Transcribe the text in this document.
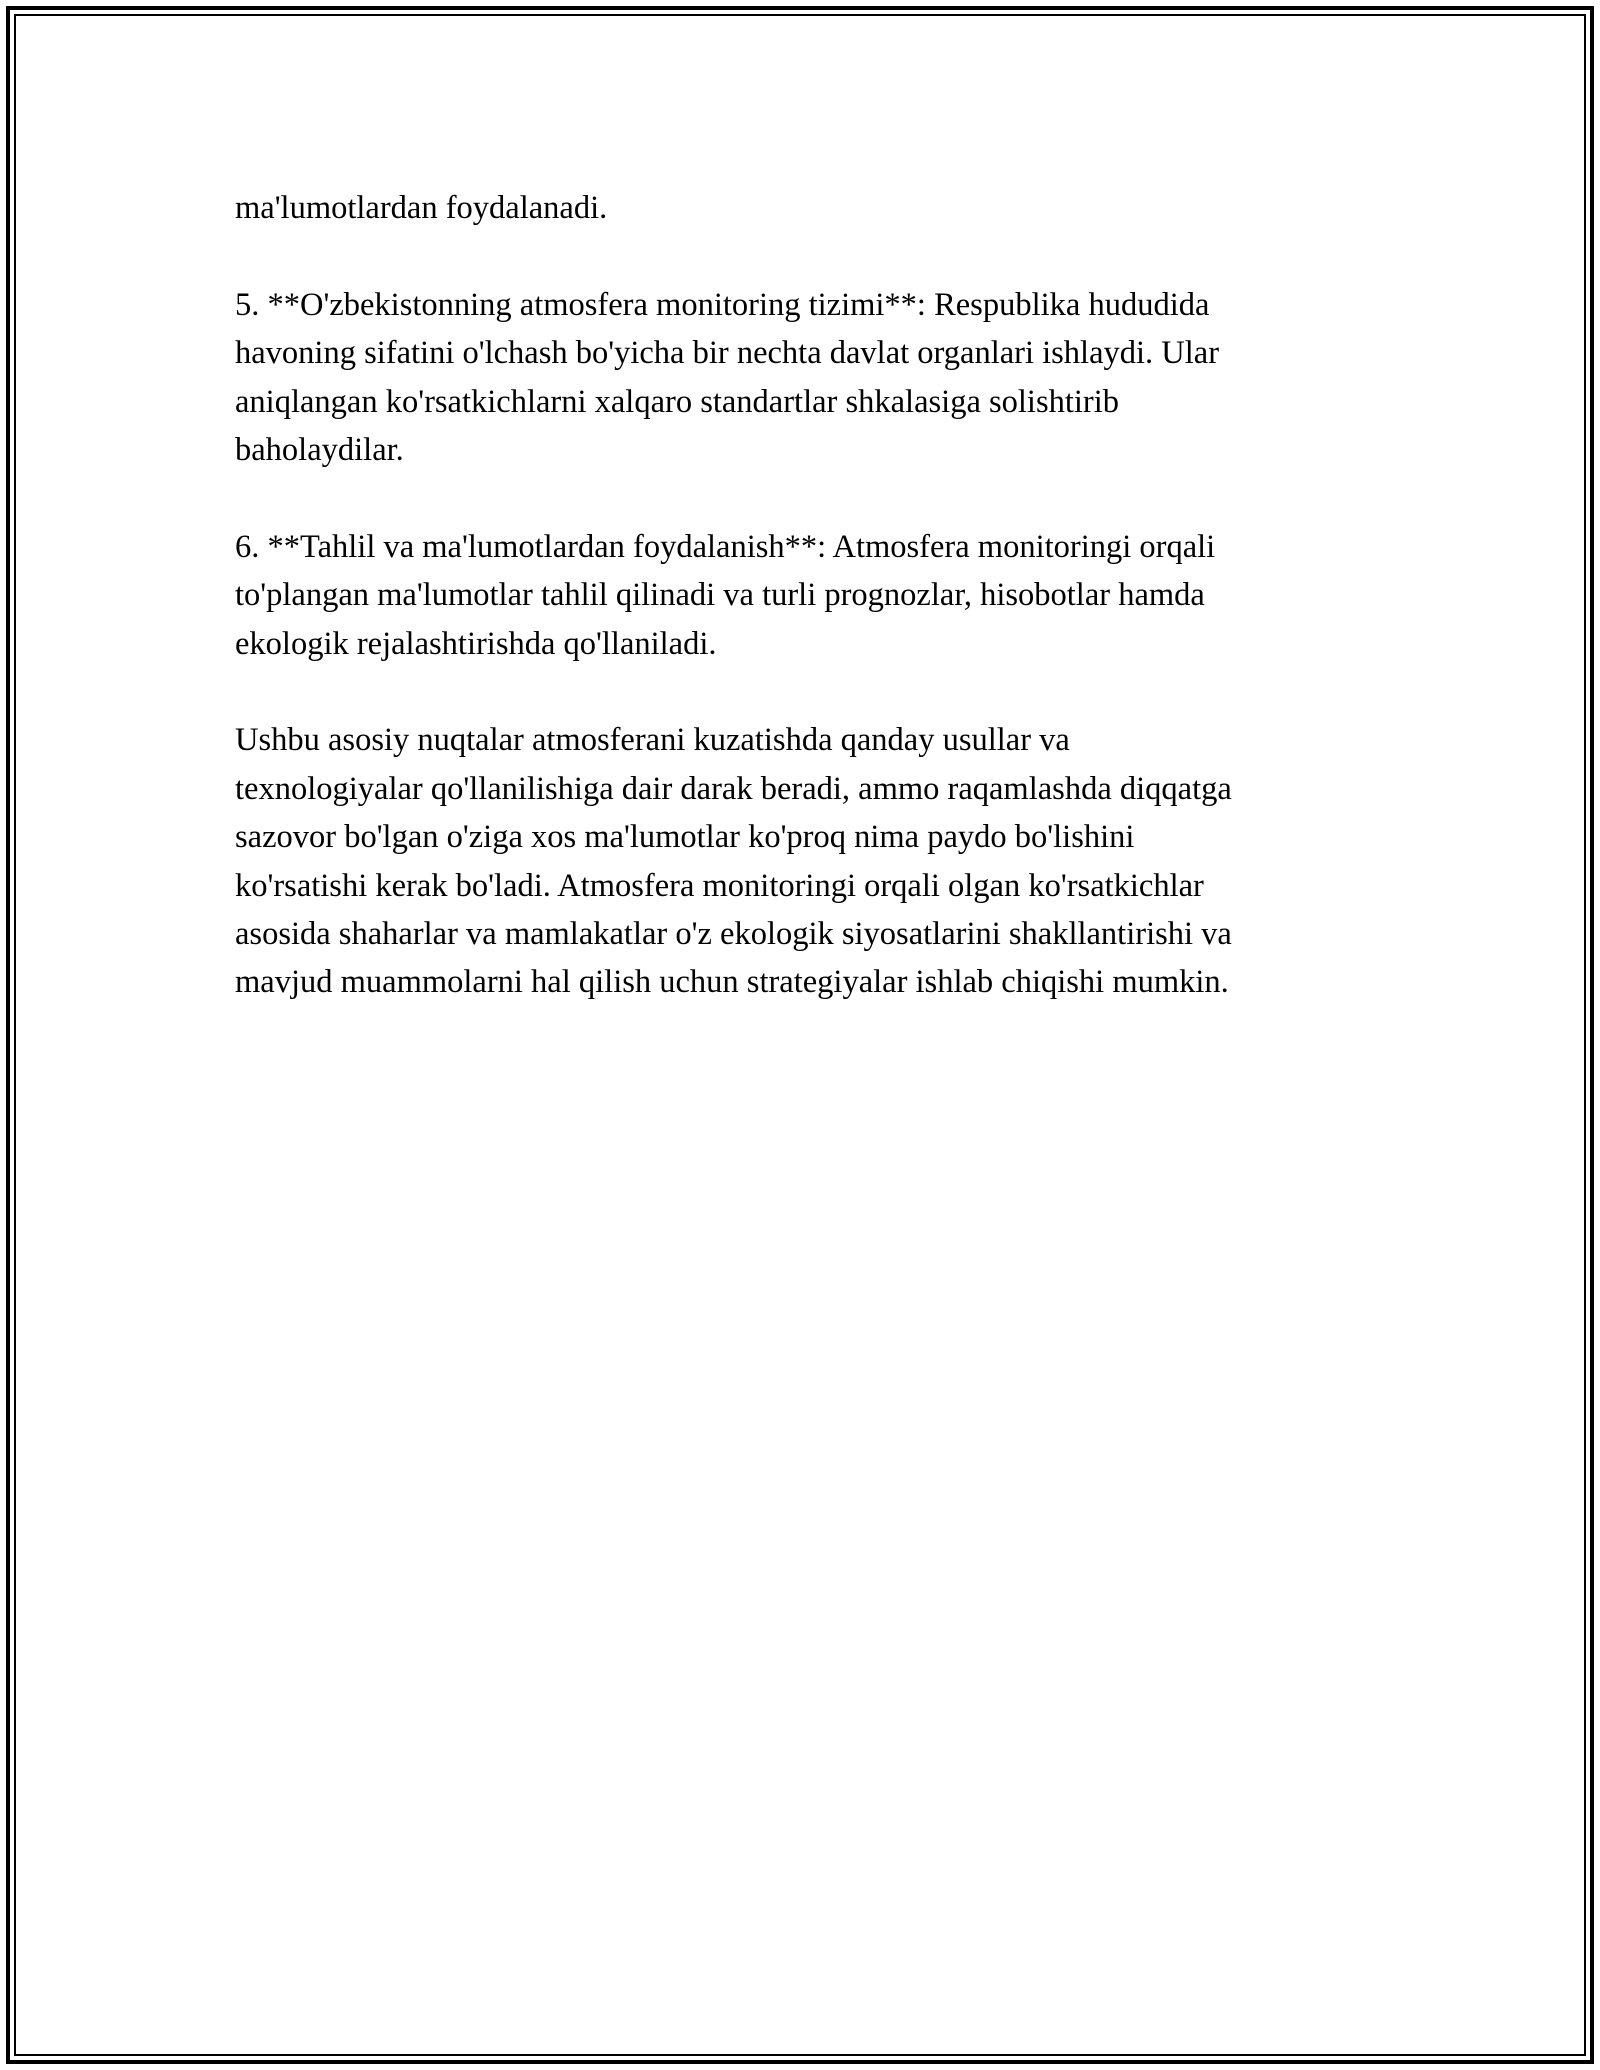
ma'lumotlardan foydalanadi.

5. **O'zbekistonning atmosfera monitoring tizimi**: Respublika hududida
havoning sifatini o'lchash bo'yicha bir nechta davlat organlari ishlaydi. Ular
aniqlangan ko'rsatkichlarni xalqaro standartlar shkalasiga solishtirib
baholaydilar.

6. **Tahlil va ma'lumotlardan foydalanish**: Atmosfera monitoringi orqali
to'plangan ma'lumotlar tahlil qilinadi va turli prognozlar, hisobotlar hamda
ekologik rejalashtirishda qo'llaniladi.

Ushbu asosiy nuqtalar atmosferani kuzatishda qanday usullar va
texnologiyalar qo'llanilishiga dair darak beradi, ammo raqamlashda diqqatga
sazovor bo'lgan o'ziga xos ma'lumotlar ko'proq nima paydo bo'lishini
ko'rsatishi kerak bo'ladi. Atmosfera monitoringi orqali olgan ko'rsatkichlar
asosida shaharlar va mamlakatlar o'z ekologik siyosatlarini shakllantirishi va
mavjud muammolarni hal qilish uchun strategiyalar ishlab chiqishi mumkin.
